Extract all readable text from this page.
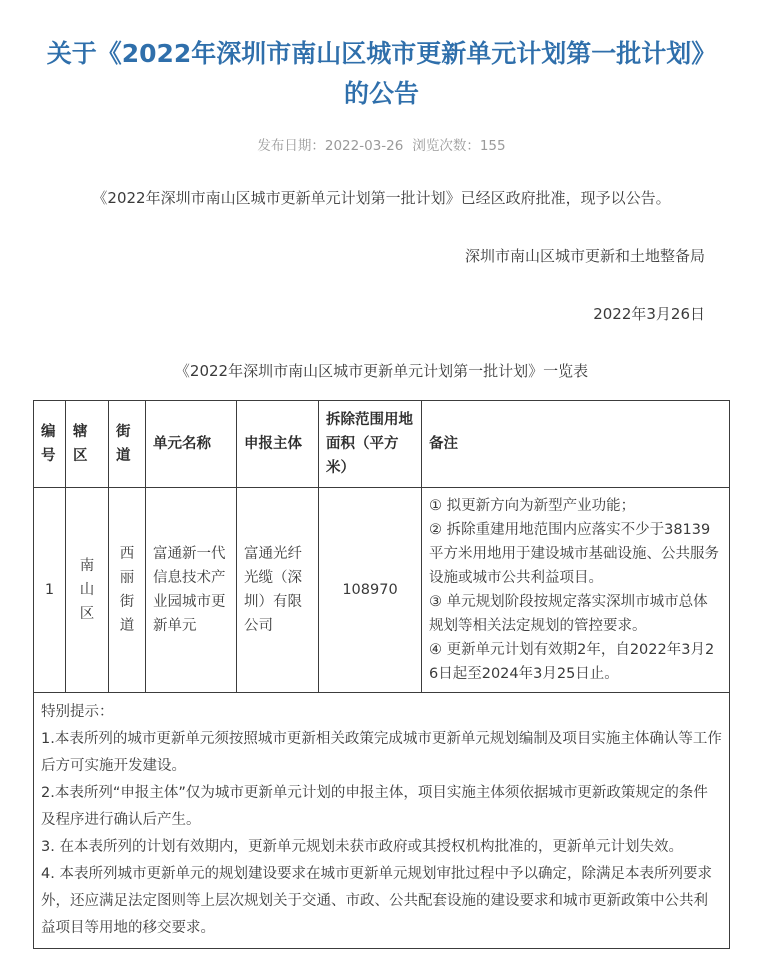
关于《2022年深圳市南山区城市更新单元计划第一批计划》的公告
发布日期：2022-03-26 浏览次数：155

《2022年深圳市南山区城市更新单元计划第一批计划》已经区政府批准，现予以公告。

深圳市南山区城市更新和土地整备局

2022年3月26日

《2022年深圳市南山区城市更新单元计划第一批计划》一览表

编号	辖区	街道	单元名称	申报主体	拆除范围用地面积（平方米）	备注
1	南山区	西丽街道	富通新一代信息技术产业园城市更新单元	富通光纤光缆（深圳）有限公司	108970	① 拟更新方向为新型产业功能；

② 拆除重建用地范围内应落实不少于38139平方米用地用于建设城市基础设施、公共服务设施或城市公共利益项目。

③ 单元规划阶段按规定落实深圳市城市总体规划等相关法定规划的管控要求。

④ 更新单元计划有效期2年，自2022年3月26日起至2024年3月25日止。

特别提示：

1.本表所列的城市更新单元须按照城市更新相关政策完成城市更新单元规划编制及项目实施主体确认等工作后方可实施开发建设。

2.本表所列“申报主体”仅为城市更新单元计划的申报主体，项目实施主体须依据城市更新政策规定的条件及程序进行确认后产生。

3. 在本表所列的计划有效期内，更新单元规划未获市政府或其授权机构批准的，更新单元计划失效。

4. 本表所列城市更新单元的规划建设要求在城市更新单元规划审批过程中予以确定，除满足本表所列要求外，还应满足法定图则等上层次规划关于交通、市政、公共配套设施的建设要求和城市更新政策中公共利益项目等用地的移交要求。						
